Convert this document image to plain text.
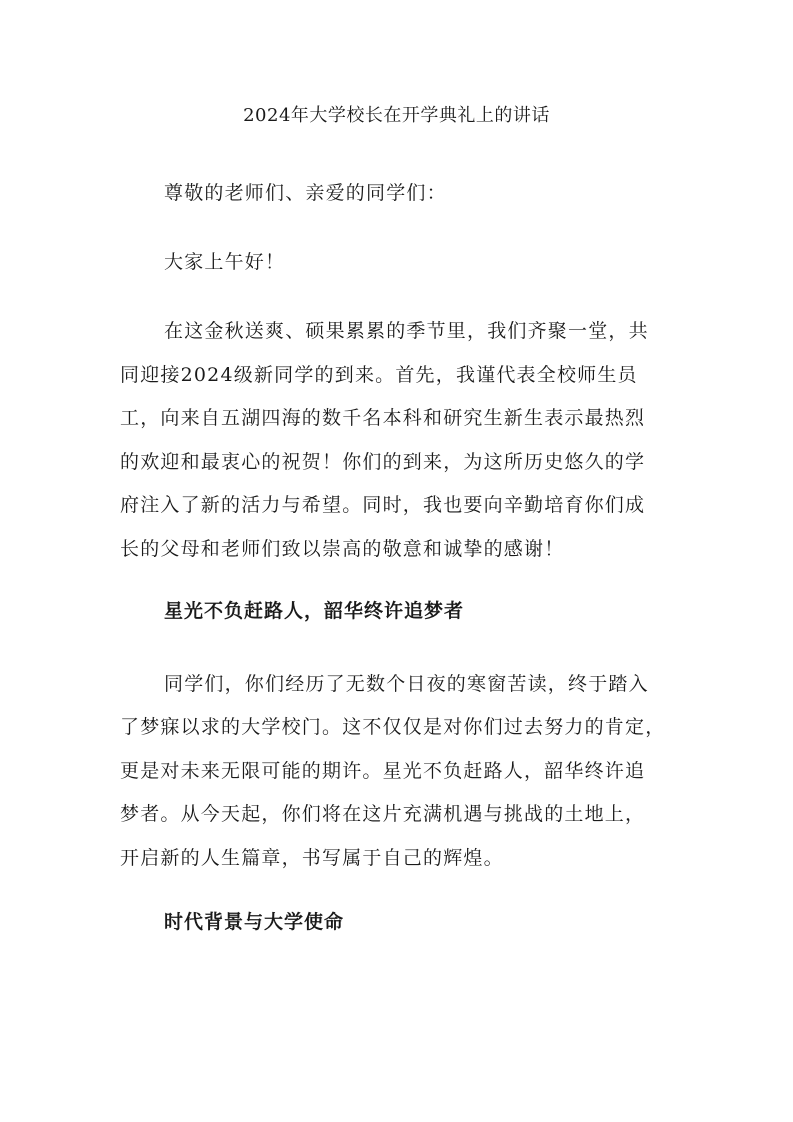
2024年大学校长在开学典礼上的讲话
尊敬的老师们、亲爱的同学们：
大家上午好！
在这金秋送爽、硕果累累的季节里，我们齐聚一堂，共
同迎接2024级新同学的到来。首先，我谨代表全校师生员
工，向来自五湖四海的数千名本科和研究生新生表示最热烈
的欢迎和最衷心的祝贺！你们的到来，为这所历史悠久的学
府注入了新的活力与希望。同时，我也要向辛勤培育你们成
长的父母和老师们致以崇高的敬意和诚挚的感谢！
星光不负赶路人，韶华终许追梦者
同学们，你们经历了无数个日夜的寒窗苦读，终于踏入
了梦寐以求的大学校门。这不仅仅是对你们过去努力的肯定，
更是对未来无限可能的期许。星光不负赶路人，韶华终许追
梦者。从今天起，你们将在这片充满机遇与挑战的土地上，
开启新的人生篇章，书写属于自己的辉煌。
时代背景与大学使命
